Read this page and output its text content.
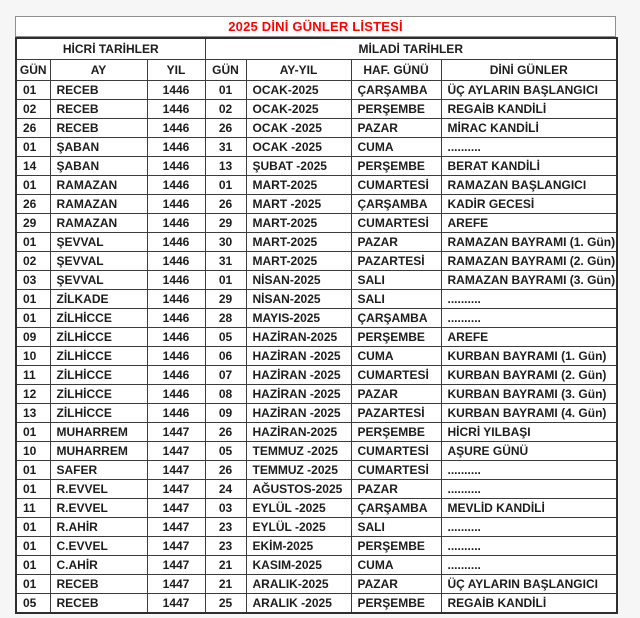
2025 DİNİ GÜNLER LİSTESİ
HİCRİ TARİHLER			MİLADİ TARİHLER			
GÜN	AY	YIL	GÜN	AY-YIL	HAF. GÜNÜ	DİNİ GÜNLER
01	RECEB	1446	01	OCAK-2025	ÇARŞAMBA	ÜÇ AYLARIN BAŞLANGICI
02	RECEB	1446	02	OCAK-2025	PERŞEMBE	REGAİB KANDİLİ
26	RECEB	1446	26	OCAK -2025	PAZAR	MİRAC KANDİLİ
01	ŞABAN	1446	31	OCAK -2025	CUMA	..........
14	ŞABAN	1446	13	ŞUBAT -2025	PERŞEMBE	BERAT KANDİLİ
01	RAMAZAN	1446	01	MART-2025	CUMARTESİ	RAMAZAN BAŞLANGICI
26	RAMAZAN	1446	26	MART -2025	ÇARŞAMBA	KADİR GECESİ
29	RAMAZAN	1446	29	MART-2025	CUMARTESİ	AREFE
01	ŞEVVAL	1446	30	MART-2025	PAZAR	RAMAZAN BAYRAMI (1. Gün)
02	ŞEVVAL	1446	31	MART-2025	PAZARTESİ	RAMAZAN BAYRAMI (2. Gün)
03	ŞEVVAL	1446	01	NİSAN-2025	SALI	RAMAZAN BAYRAMI (3. Gün)
01	ZİLKADE	1446	29	NİSAN-2025	SALI	..........
01	ZİLHİCCE	1446	28	MAYIS-2025	ÇARŞAMBA	..........
09	ZİLHİCCE	1446	05	HAZİRAN-2025	PERŞEMBE	AREFE
10	ZİLHİCCE	1446	06	HAZİRAN -2025	CUMA	KURBAN BAYRAMI (1. Gün)
11	ZİLHİCCE	1446	07	HAZİRAN -2025	CUMARTESİ	KURBAN BAYRAMI (2. Gün)
12	ZİLHİCCE	1446	08	HAZİRAN -2025	PAZAR	KURBAN BAYRAMI (3. Gün)
13	ZİLHİCCE	1446	09	HAZİRAN -2025	PAZARTESİ	KURBAN BAYRAMI (4. Gün)
01	MUHARREM	1447	26	HAZİRAN-2025	PERŞEMBE	HİCRİ YILBAŞI
10	MUHARREM	1447	05	TEMMUZ -2025	CUMARTESİ	AŞURE GÜNÜ
01	SAFER	1447	26	TEMMUZ -2025	CUMARTESİ	..........
01	R.EVVEL	1447	24	AĞUSTOS-2025	PAZAR	..........
11	R.EVVEL	1447	03	EYLÜL -2025	ÇARŞAMBA	MEVLİD KANDİLİ
01	R.AHİR	1447	23	EYLÜL -2025	SALI	..........
01	C.EVVEL	1447	23	EKİM-2025	PERŞEMBE	..........
01	C.AHİR	1447	21	KASIM-2025	CUMA	..........
01	RECEB	1447	21	ARALIK-2025	PAZAR	ÜÇ AYLARIN BAŞLANGICI
05	RECEB	1447	25	ARALIK -2025	PERŞEMBE	REGAİB KANDİLİ
